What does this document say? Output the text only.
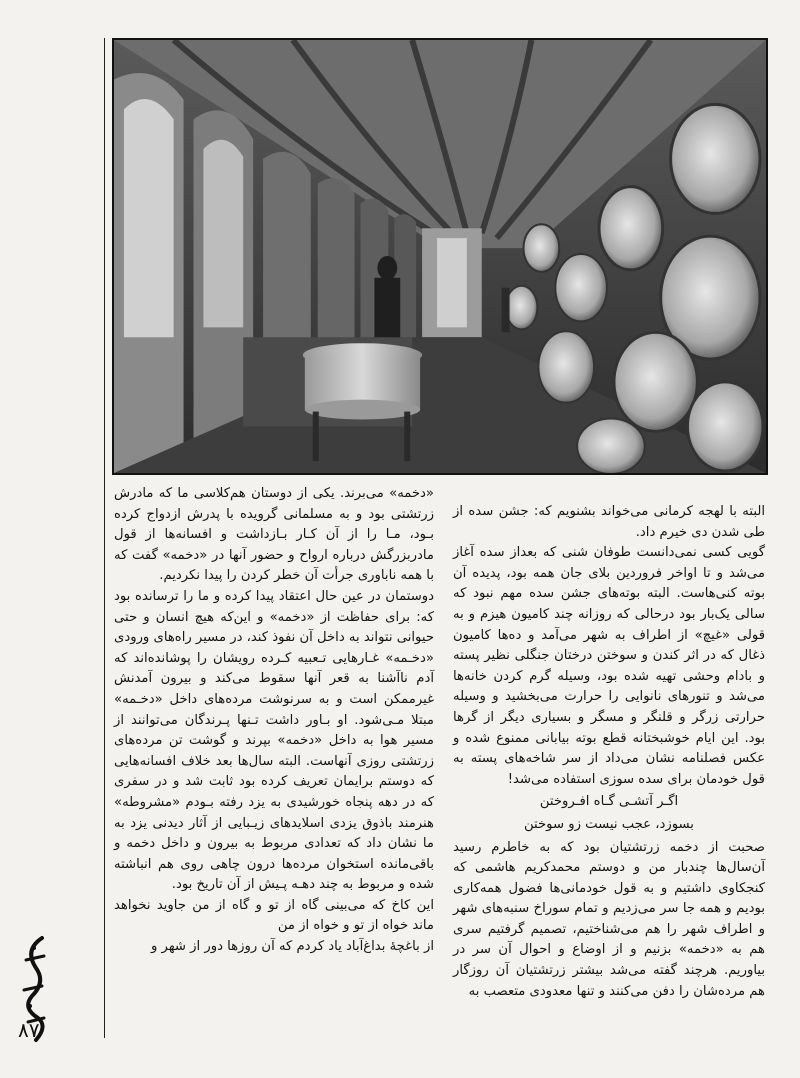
البته با لهجه کرمانی می‌خواند بشنویم که: جشن سده از طی شدن دی خیرم داد.

گویی کسی نمی‌دانست طوفان شنی که بعداز سده آغاز می‌شد و تا اواخر فروردین بلای جان همه بود، پدیده آن بوته کنی‌هاست. البته بوته‌های جشن سده مهم نبود که سالی یک‌بار بود درحالی که روزانه چند کامیون هیزم و به قولی «غیچ» از اطراف به شهر می‌آمد و ده‌ها کامیون ذغال که در اثر کندن و سوختن درختان جنگلی نظیر پسته و بادام وحشی تهیه شده بود، وسیله گرم کردن خانه‌ها می‌شد و تنورهای نانوایی را حرارت می‌بخشید و وسیله حرارتی زرگر و قلنگر و مسگر و بسیاری دیگر از گرها بود. این ایام خوشبختانه قطع بوته بیابانی ممنوع شده و عکس فصلنامه نشان می‌داد از سر شاخه‌های پسته به قول خودمان برای سده سوزی استفاده می‌شد!

اگـر آتشـی گـاه افـروختن
بسوزد، عجب نیست زو سوختن

صحبت از دخمه زرتشتیان بود که به خاطرم رسید آن‌سال‌ها چندبار من و دوستم محمدکریم هاشمی که کنجکاوی داشتیم و به قول خودمانی‌ها فضول همه‌کاری بودیم و همه جا سر می‌زدیم و تمام سوراخ سنبه‌های شهر و اطراف شهر را هم می‌شناختیم، تصمیم گرفتیم سری هم به «دخمه» بزنیم و از اوضاع و احوال آن سر در بیاوریم. هرچند گفته می‌شد بیشتر زرتشتیان آن روزگار هم مرده‌شان را دفن می‌کنند و تنها معدودی متعصب به

«دخمه» می‌برند. یکی از دوستان هم‌کلاسی ما که مادرش زرتشتی بود و به مسلمانی گرویده با پدرش ازدواج کرده بـود، مـا را از آن کـار بـازداشت و افسانه‌ها از قول مادربزرگش درباره ارواح و حضور آنها در «دخمه» گفت که با همه ناباوری جرأت آن خطر کردن را پیدا نکردیم.

دوستمان در عین حال اعتقاد پیدا کرده و ما را ترسانده بود که: برای حفاظت از «دخمه» و این‌که هیچ انسان و حتی حیوانی نتواند به داخل آن نفوذ کند، در مسیر راه‌های ورودی «دخـمه» غـارهایی تـعبیه کـرده رویشان را پوشانده‌اند که آدم ناآشنا به قعر آنها سقوط می‌کند و بیرون آمدنش غیرممکن است و به سرنوشت مرده‌های داخل «دخـمه» مبتلا مـی‌شود. او بـاور داشت تـنها پـرندگان می‌توانند از مسیر هوا به داخل «دخمه» بپرند و گوشت تن مرده‌های زرتشتی روزی آنهاست. البته سال‌ها بعد خلاف افسانه‌هایی که دوستم برایمان تعریف کرده بود ثابت شد و در سفری که در دهه پنجاه خورشیدی به یزد رفته بـودم «مشروطه» هنرمند باذوق یزدی اسلایدهای زیـبایی از آثار دیدنی یزد به ما نشان داد که تعدادی مربوط به بیرون و داخل دخمه و باقی‌مانده استخوان مرده‌ها درون چاهی روی هم انباشته شده و مربوط به چند دهـه پـیش از آن تاریخ بود.

این کاخ که می‌بینی گاه از تو و گاه از من جاوید نخواهد ماند خواه از تو و خواه از من

از باغچهٔ بداغ‌آباد یاد کردم که آن روزها دور از شهر و

۸۷
